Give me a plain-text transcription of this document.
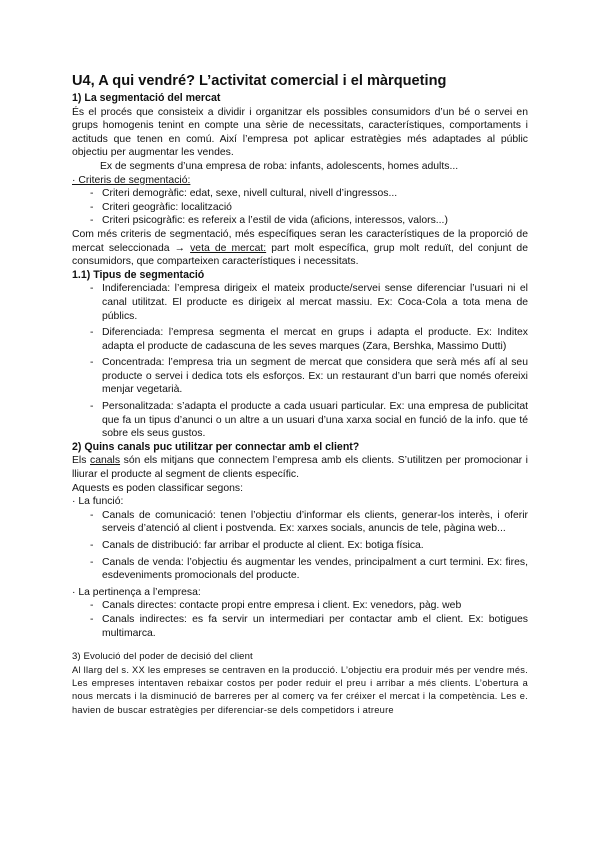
U4, A qui vendré? L’activitat comercial i el màrqueting
1) La segmentació del mercat

És el procés que consisteix a dividir i organitzar els possibles consumidors d’un bé o servei en grups homogenis tenint en compte una sèrie de necessitats, característiques, comportaments i actituds que tenen en comú. Així l’empresa pot aplicar estratègies més adaptades al públic objectiu per augmentar les vendes.

Ex de segments d’una empresa de roba: infants, adolescents, homes adults...

· Criteris de segmentació:

- Criteri demogràfic: edat, sexe, nivell cultural, nivell d’ingressos...
- Criteri geogràfic: localització
- Criteri psicogràfic: es refereix a l’estil de vida (aficions, interessos, valors...)

Com més criteris de segmentació, més específiques seran les característiques de la proporció de mercat seleccionada → veta de mercat: part molt específica, grup molt reduït, del conjunt de consumidors, que comparteixen característiques i necessitats.

1.1) Tipus de segmentació
- Indiferenciada: l’empresa dirigeix el mateix producte/servei sense diferenciar l’usuari ni el canal utilitzat. El producte es dirigeix al mercat massiu. Ex: Coca-Cola a tota mena de públics.
- Diferenciada: l’empresa segmenta el mercat en grups i adapta el producte. Ex: Inditex adapta el producte de cadascuna de les seves marques (Zara, Bershka, Massimo Dutti)
- Concentrada: l’empresa tria un segment de mercat que considera que serà més afí al seu producte o servei i dedica tots els esforços. Ex: un restaurant d’un barri que només ofereixi menjar vegetarià.
- Personalitzada: s’adapta el producte a cada usuari particular. Ex: una empresa de publicitat que fa un tipus d’anunci o un altre a un usuari d’una xarxa social en funció de la info. que té sobre els seus gustos.
2) Quins canals puc utilitzar per connectar amb el client?

Els canals són els mitjans que connectem l’empresa amb els clients. S’utilitzen per promocionar i lliurar el producte al segment de clients específic.

Aquests es poden classificar segons:

· La funció:

- Canals de comunicació: tenen l’objectiu d’informar els clients, generar-los interès, i oferir serveis d’atenció al client i postvenda. Ex: xarxes socials, anuncis de tele, pàgina web...
- Canals de distribució: far arribar el producte al client. Ex: botiga física.
- Canals de venda: l’objectiu és augmentar les vendes, principalment a curt termini. Ex: fires, esdeveniments promocionals del producte.

· La pertinença a l’empresa:

- Canals directes: contacte propi entre empresa i client. Ex: venedors, pàg. web
- Canals indirectes: es fa servir un intermediari per contactar amb el client. Ex: botigues multimarca.

3) Evolució del poder de decisió del client

Al llarg del s. XX les empreses se centraven en la producció. L’objectiu era produir més per vendre més. Les empreses intentaven rebaixar costos per poder reduir el preu i arribar a més clients. L’obertura a nous mercats i la disminució de barreres per al comerç va fer créixer el mercat i la competència. Les e. havien de buscar estratègies per diferenciar-se dels competidors i atreure
